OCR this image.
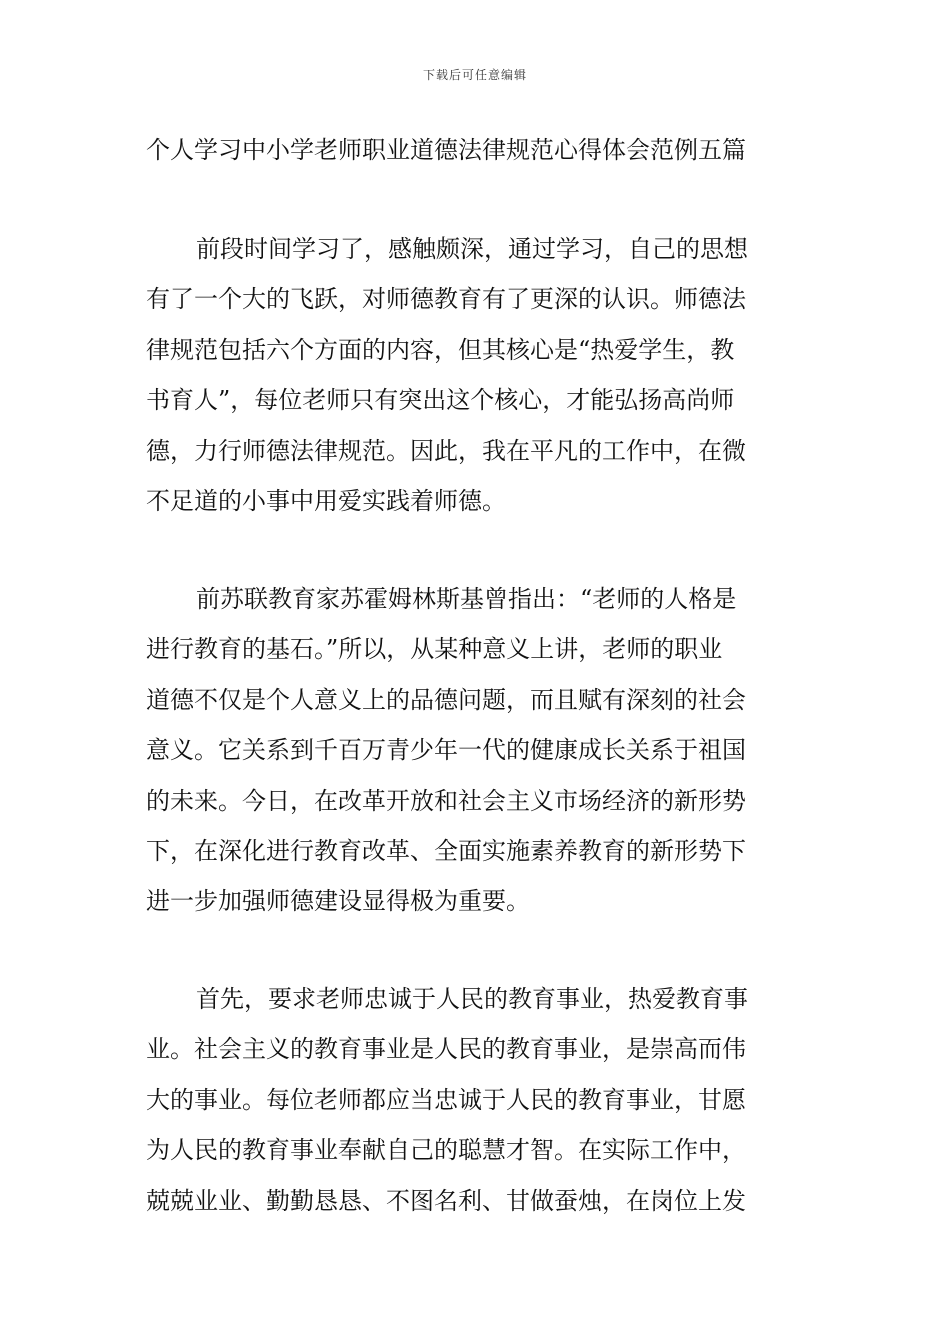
下载后可任意编辑
个人学习中小学老师职业道德法律规范心得体会范例五篇
前段时间学习了，感触颇深，通过学习，自己的思想
有了一个大的飞跃，对师德教育有了更深的认识。师德法
律规范包括六个方面的内容，但其核心是“热爱学生，教
书育人”，每位老师只有突出这个核心，才能弘扬高尚师
德，力行师德法律规范。因此，我在平凡的工作中，在微
不足道的小事中用爱实践着师德。
前苏联教育家苏霍姆林斯基曾指出：“老师的人格是
进行教育的基石。”所以，从某种意义上讲，老师的职业
道德不仅是个人意义上的品德问题，而且赋有深刻的社会
意义。它关系到千百万青少年一代的健康成长关系于祖国
的未来。今日，在改革开放和社会主义市场经济的新形势
下，在深化进行教育改革、全面实施素养教育的新形势下
进一步加强师德建设显得极为重要。
首先，要求老师忠诚于人民的教育事业，热爱教育事
业。社会主义的教育事业是人民的教育事业，是崇高而伟
大的事业。每位老师都应当忠诚于人民的教育事业，甘愿
为人民的教育事业奉献自己的聪慧才智。在实际工作中，
兢兢业业、勤勤恳恳、不图名利、甘做蚕烛，在岗位上发
